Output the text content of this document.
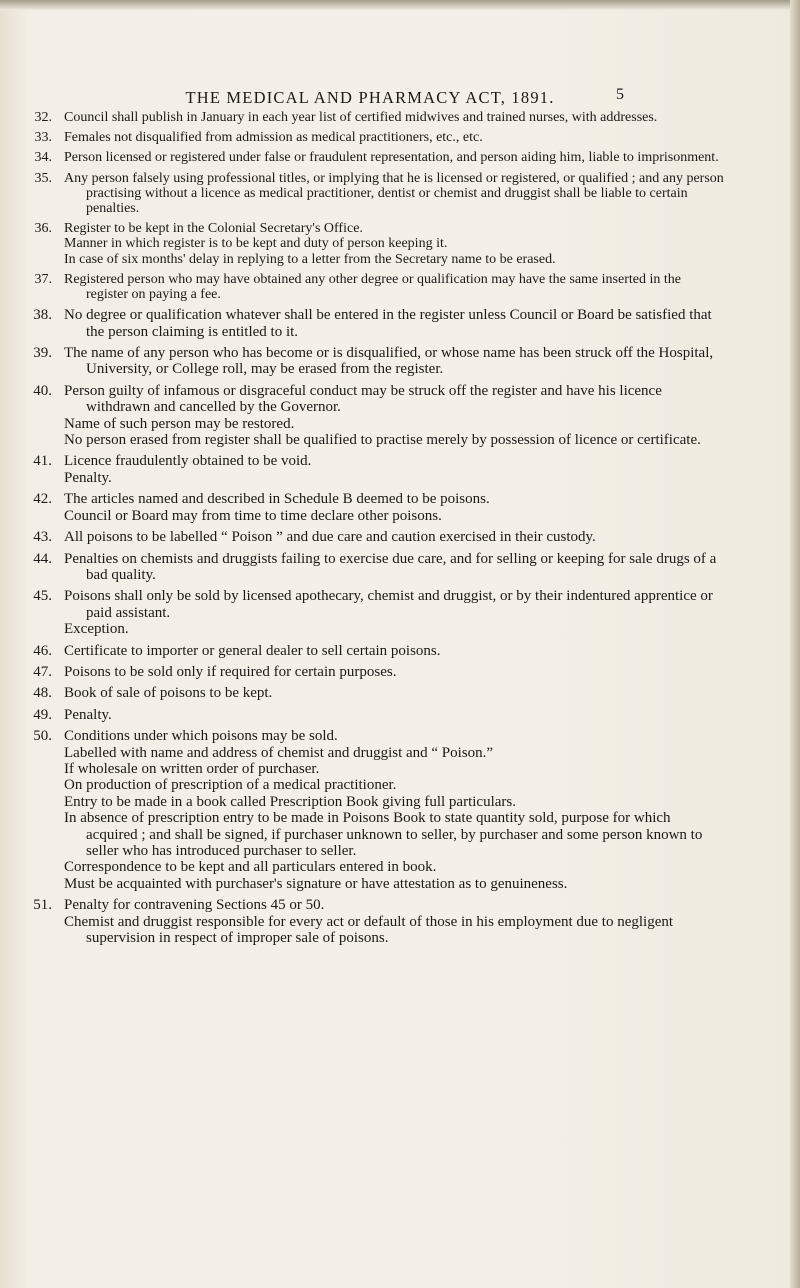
THE MEDICAL AND PHARMACY ACT, 1891.	5
32. Council shall publish in January in each year list of certified midwives and trained nurses, with addresses.
33. Females not disqualified from admission as medical practitioners, etc., etc.
34. Person licensed or registered under false or fraudulent representation, and person aiding him, liable to imprisonment.
35. Any person falsely using professional titles, or implying that he is licensed or registered, or qualified ; and any person practising without a licence as medical practitioner, dentist or chemist and druggist shall be liable to certain penalties.
36. Register to be kept in the Colonial Secretary's Office.
Manner in which register is to be kept and duty of person keeping it.
In case of six months' delay in replying to a letter from the Secretary name to be erased.
37. Registered person who may have obtained any other degree or qualification may have the same inserted in the register on paying a fee.
38. No degree or qualification whatever shall be entered in the register unless Council or Board be satisfied that the person claiming is entitled to it.
39. The name of any person who has become or is disqualified, or whose name has been struck off the Hospital, University, or College roll, may be erased from the register.
40. Person guilty of infamous or disgraceful conduct may be struck off the register and have his licence withdrawn and cancelled by the Governor.
Name of such person may be restored.
No person erased from register shall be qualified to practise merely by possession of licence or certificate.
41. Licence fraudulently obtained to be void.
Penalty.
42. The articles named and described in Schedule B deemed to be poisons.
Council or Board may from time to time declare other poisons.
43. All poisons to be labelled “ Poison ” and due care and caution exercised in their custody.
44. Penalties on chemists and druggists failing to exercise due care, and for selling or keeping for sale drugs of a bad quality.
45. Poisons shall only be sold by licensed apothecary, chemist and druggist, or by their indentured apprentice or paid assistant.
Exception.
46. Certificate to importer or general dealer to sell certain poisons.
47. Poisons to be sold only if required for certain purposes.
48. Book of sale of poisons to be kept.
49. Penalty.
50. Conditions under which poisons may be sold.
Labelled with name and address of chemist and druggist and “ Poison.”
If wholesale on written order of purchaser.
On production of prescription of a medical practitioner.
Entry to be made in a book called Prescription Book giving full particulars.
In absence of prescription entry to be made in Poisons Book to state quantity sold, purpose for which acquired ; and shall be signed, if purchaser unknown to seller, by purchaser and some person known to seller who has introduced purchaser to seller.
Correspondence to be kept and all particulars entered in book.
Must be acquainted with purchaser's signature or have attestation as to genuineness.
51. Penalty for contravening Sections 45 or 50.
Chemist and druggist responsible for every act or default of those in his employment due to negligent supervision in respect of improper sale of poisons.
